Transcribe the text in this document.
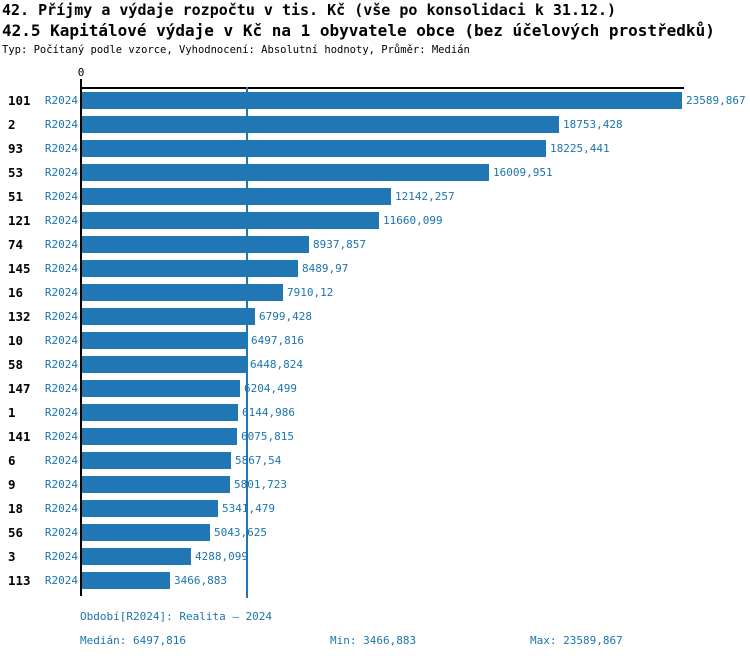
42. Příjmy a výdaje rozpočtu v tis. Kč (vše po konsolidaci k 31.12.)
42.5 Kapitálové výdaje v Kč na 1 obyvatele obce (bez účelových prostředků)
Typ: Počítaný podle vzorce, Vyhodnocení: Absolutní hodnoty, Průměr: Medián
0
101 R2024	23589,867
2	R2024	18753,428
93 R2024	18225,441
53 R2024	16009,951
51 R2024	12142,257
121 R2024	11660,099
74 R2024	8937,857
145 R2024	8489,97
16 R2024	7910,12
132 R2024	6799,428
10 R2024	6497,816
58 R2024	6448,824
147 R2024	6204,499
1	R2024	6144,986
141 R2024	6075,815
6	R2024	5867,54
9	R2024	5801,723
18 R2024	5341,479
56 R2024	5043,625
3	R2024	4288,099
113 R2024	3466,883
Období[R2024]: Realita – 2024
Medián: 6497,816	Min: 3466,883	Max: 23589,867
